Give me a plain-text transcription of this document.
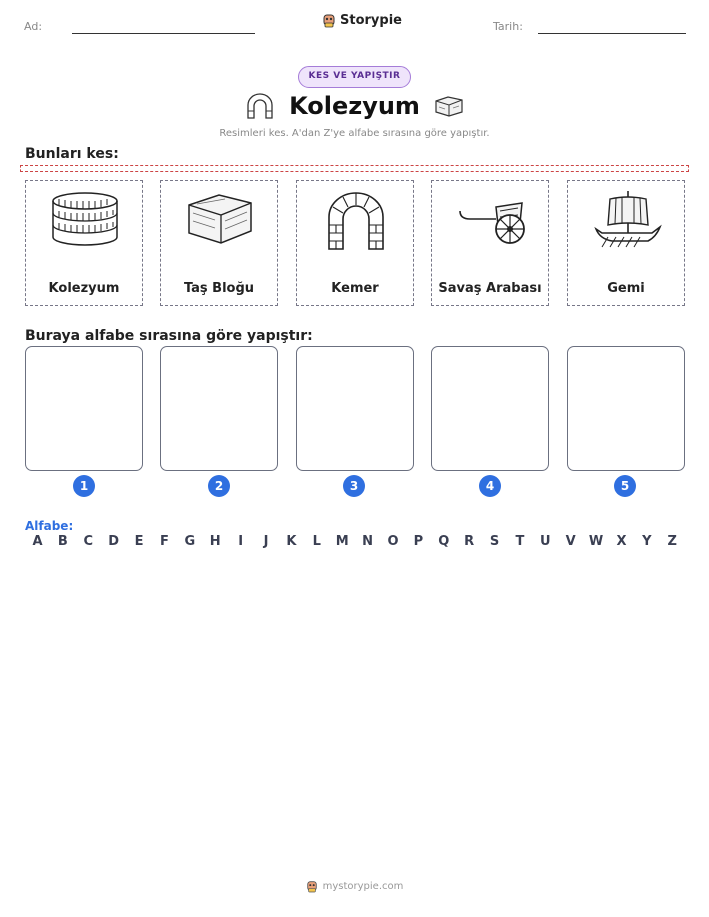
Ad:	Storypie	Tarih:
KES VE YAPIŞTIR
Kolezyum
Resimleri kes. A'dan Z'ye alfabe sırasına göre yapıştır.
Bunları kes:
Kolezyum	Taş Bloğu	Kemer	Savaş Arabası	Gemi
Buraya alfabe sırasına göre yapıştır:
1	2	3	4	5
Alfabe:
A	B	C	D	E	F	G	H	I	J	K	L	M	N	O	P	Q	R	S	T	U	V	W	X	Y	Z
mystorypie.com
